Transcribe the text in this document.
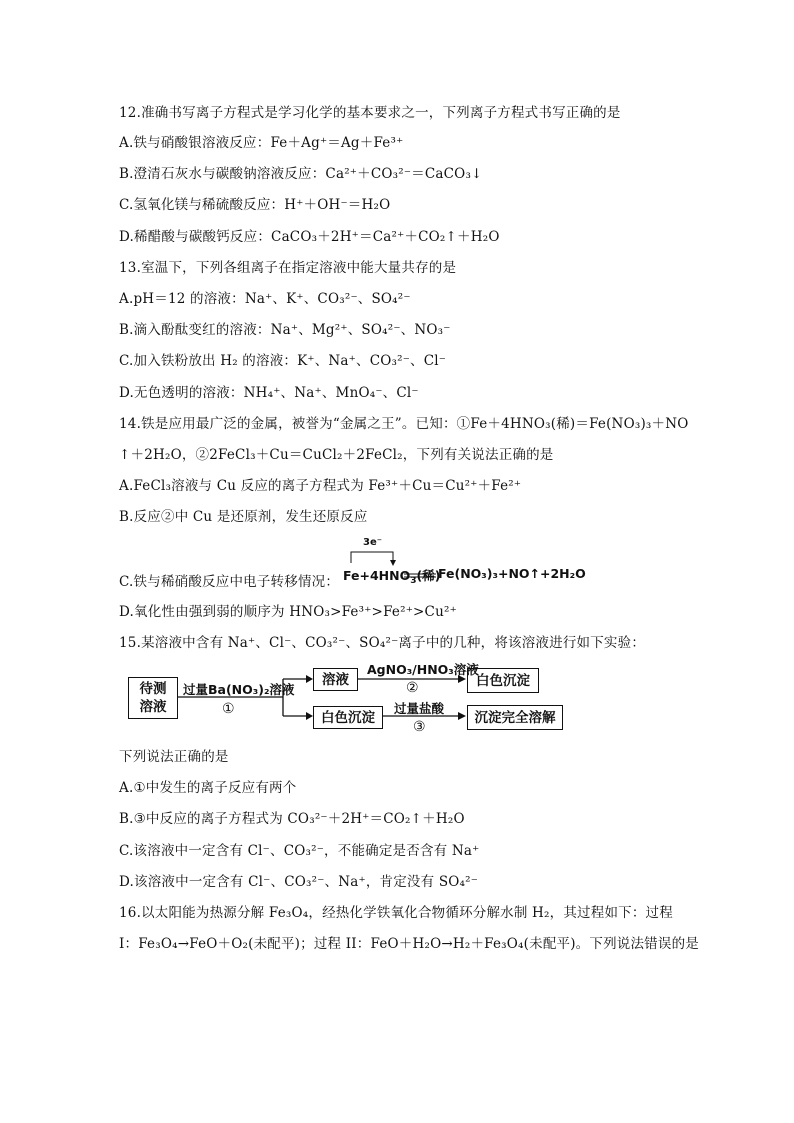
12.准确书写离子方程式是学习化学的基本要求之一，下列离子方程式书写正确的是
A.铁与硝酸银溶液反应：Fe＋Ag⁺＝Ag＋Fe³⁺
B.澄清石灰水与碳酸钠溶液反应：Ca²⁺＋CO₃²⁻＝CaCO₃↓
C.氢氧化镁与稀硫酸反应：H⁺＋OH⁻＝H₂O
D.稀醋酸与碳酸钙反应：CaCO₃＋2H⁺＝Ca²⁺＋CO₂↑＋H₂O
13.室温下，下列各组离子在指定溶液中能大量共存的是
A.pH＝12 的溶液：Na⁺、K⁺、CO₃²⁻、SO₄²⁻
B.滴入酚酞变红的溶液：Na⁺、Mg²⁺、SO₄²⁻、NO₃⁻
C.加入铁粉放出 H₂ 的溶液：K⁺、Na⁺、CO₃²⁻、Cl⁻
D.无色透明的溶液：NH₄⁺、Na⁺、MnO₄⁻、Cl⁻
14.铁是应用最广泛的金属，被誉为“金属之王”。已知：①Fe＋4HNO₃(稀)＝Fe(NO₃)₃＋NO
↑＋2H₂O，②2FeCl₃＋Cu＝CuCl₂＋2FeCl₂，下列有关说法正确的是
A.FeCl₃溶液与 Cu 反应的离子方程式为 Fe³⁺＋Cu＝Cu²⁺＋Fe²⁺
B.反应②中 Cu 是还原剂，发生还原反应
C.铁与稀硝酸反应中电子转移情况：
3e⁻
$Fe+4HNO_3$(稀)
Fe(NO₃)₃+NO↑+2H₂O
D.氧化性由强到弱的顺序为 HNO₃>Fe³⁺>Fe²⁺>Cu²⁺
15.某溶液中含有 Na⁺、Cl⁻、CO₃²⁻、SO₄²⁻离子中的几种，将该溶液进行如下实验：
待测溶液
过量Ba(NO₃)₂溶液
①
溶液
AgNO₃/HNO₃溶液
②	白色沉淀
白色沉淀
过量盐酸
③
沉淀完全溶解
下列说法正确的是
A.①中发生的离子反应有两个
B.③中反应的离子方程式为 CO₃²⁻＋2H⁺＝CO₂↑＋H₂O
C.该溶液中一定含有 Cl⁻、CO₃²⁻，不能确定是否含有 Na⁺
D.该溶液中一定含有 Cl⁻、CO₃²⁻、Na⁺，肯定没有 SO₄²⁻
16.以太阳能为热源分解 Fe₃O₄，经热化学铁氧化合物循环分解水制 H₂，其过程如下：过程
I：Fe₃O₄→FeO＋O₂(未配平)；过程 II：FeO＋H₂O→H₂＋Fe₃O₄(未配平)。下列说法错误的是
